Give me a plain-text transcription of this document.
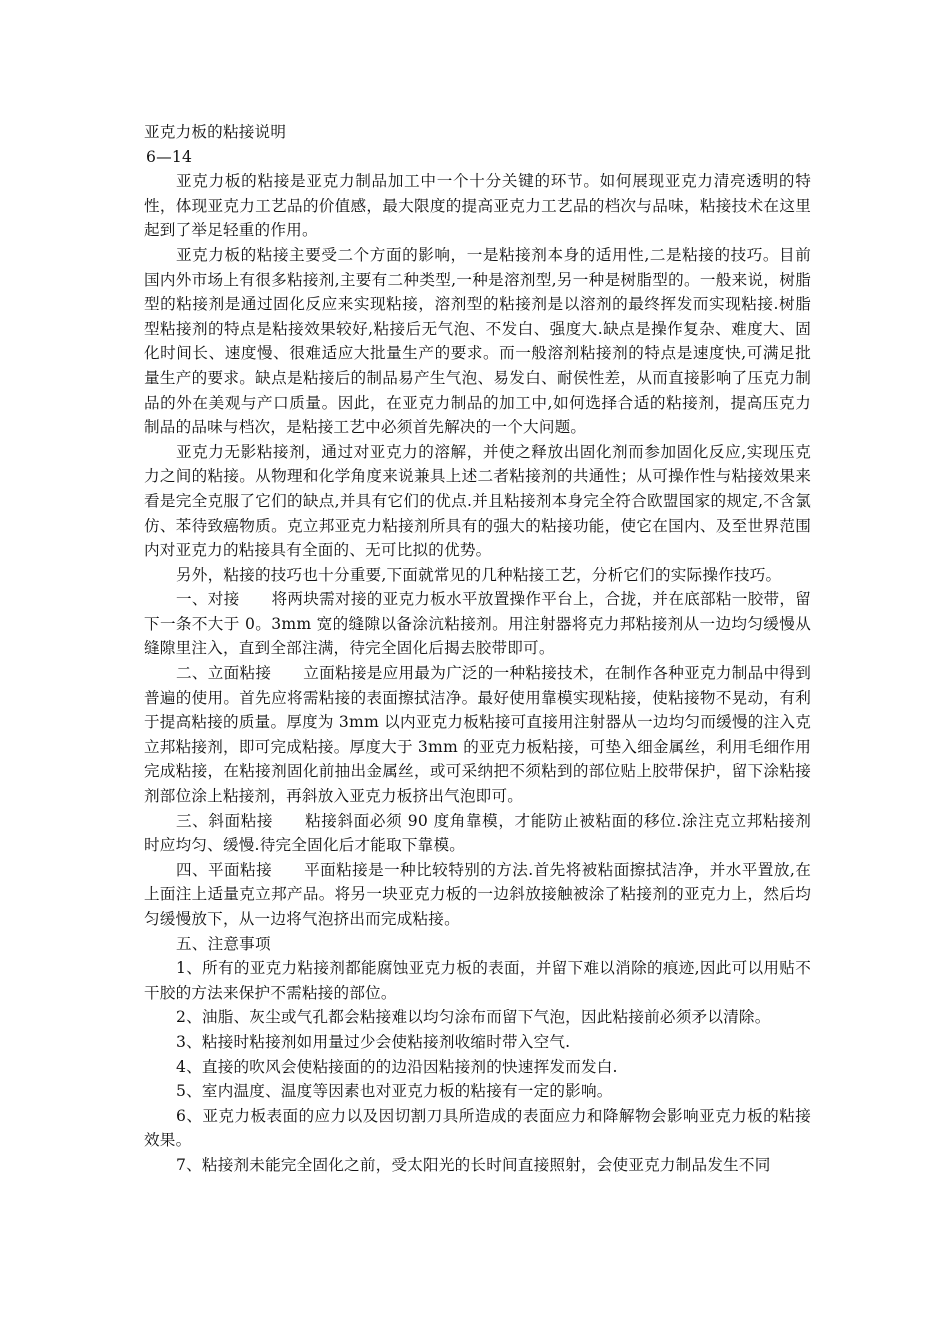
亚克力板的粘接说明

6—14

亚克力板的粘接是亚克力制品加工中一个十分关键的环节。如何展现亚克力清亮透明的特性，体现亚克力工艺品的价值感，最大限度的提高亚克力工艺品的档次与品味，粘接技术在这里起到了举足轻重的作用。

亚克力板的粘接主要受二个方面的影响，一是粘接剂本身的适用性,二是粘接的技巧。目前国内外市场上有很多粘接剂,主要有二种类型,一种是溶剂型,另一种是树脂型的。一般来说，树脂型的粘接剂是通过固化反应来实现粘接，溶剂型的粘接剂是以溶剂的最终挥发而实现粘接.树脂型粘接剂的特点是粘接效果较好,粘接后无气泡、不发白、强度大.缺点是操作复杂、难度大、固化时间长、速度慢、很难适应大批量生产的要求。而一般溶剂粘接剂的特点是速度快,可满足批量生产的要求。缺点是粘接后的制品易产生气泡、易发白、耐侯性差，从而直接影响了压克力制品的外在美观与产口质量。因此，在亚克力制品的加工中,如何选择合适的粘接剂，提高压克力制品的品味与档次，是粘接工艺中必须首先解决的一个大问题。

亚克力无影粘接剂，通过对亚克力的溶解，并使之释放出固化剂而参加固化反应,实现压克力之间的粘接。从物理和化学角度来说兼具上述二者粘接剂的共通性；从可操作性与粘接效果来看是完全克服了它们的缺点,并具有它们的优点.并且粘接剂本身完全符合欧盟国家的规定,不含氯仿、苯待致癌物质。克立邦亚克力粘接剂所具有的强大的粘接功能，使它在国内、及至世界范围内对亚克力的粘接具有全面的、无可比拟的优势。

另外，粘接的技巧也十分重要,下面就常见的几种粘接工艺，分析它们的实际操作技巧。

一、对接 将两块需对接的亚克力板水平放置操作平台上，合拢，并在底部粘一胶带，留下一条不大于 0。3mm 宽的缝隙以备涂沆粘接剂。用注射器将克力邦粘接剂从一边均匀缓慢从缝隙里注入，直到全部注满，待完全固化后揭去胶带即可。

二、立面粘接 立面粘接是应用最为广泛的一种粘接技术，在制作各种亚克力制品中得到普遍的使用。首先应将需粘接的表面擦拭洁净。最好使用靠模实现粘接，使粘接物不晃动，有利于提高粘接的质量。厚度为 3mm 以内亚克力板粘接可直接用注射器从一边均匀而缓慢的注入克立邦粘接剂，即可完成粘接。厚度大于 3mm 的亚克力板粘接，可垫入细金属丝，利用毛细作用完成粘接，在粘接剂固化前抽出金属丝，或可采纳把不须粘到的部位贴上胶带保护，留下涂粘接剂部位涂上粘接剂，再斜放入亚克力板挤出气泡即可。

三、斜面粘接 粘接斜面必须 90 度角靠模，才能防止被粘面的移位.涂注克立邦粘接剂时应均匀、缓慢.待完全固化后才能取下靠模。

四、平面粘接 平面粘接是一种比较特别的方法.首先将被粘面擦拭洁净，并水平置放,在上面注上适量克立邦产品。将另一块亚克力板的一边斜放接触被涂了粘接剂的亚克力上，然后均匀缓慢放下，从一边将气泡挤出而完成粘接。

五、注意事项

1、所有的亚克力粘接剂都能腐蚀亚克力板的表面，并留下难以消除的痕迹,因此可以用贴不干胶的方法来保护不需粘接的部位。

2、油脂、灰尘或气孔都会粘接难以均匀涂布而留下气泡，因此粘接前必须矛以清除。

3、粘接时粘接剂如用量过少会使粘接剂收缩时带入空气.

4、直接的吹风会使粘接面的的边沿因粘接剂的快速挥发而发白.

5、室内温度、温度等因素也对亚克力板的粘接有一定的影响。

6、亚克力板表面的应力以及因切割刀具所造成的表面应力和降解物会影响亚克力板的粘接效果。

7、粘接剂未能完全固化之前，受太阳光的长时间直接照射，会使亚克力制品发生不同
